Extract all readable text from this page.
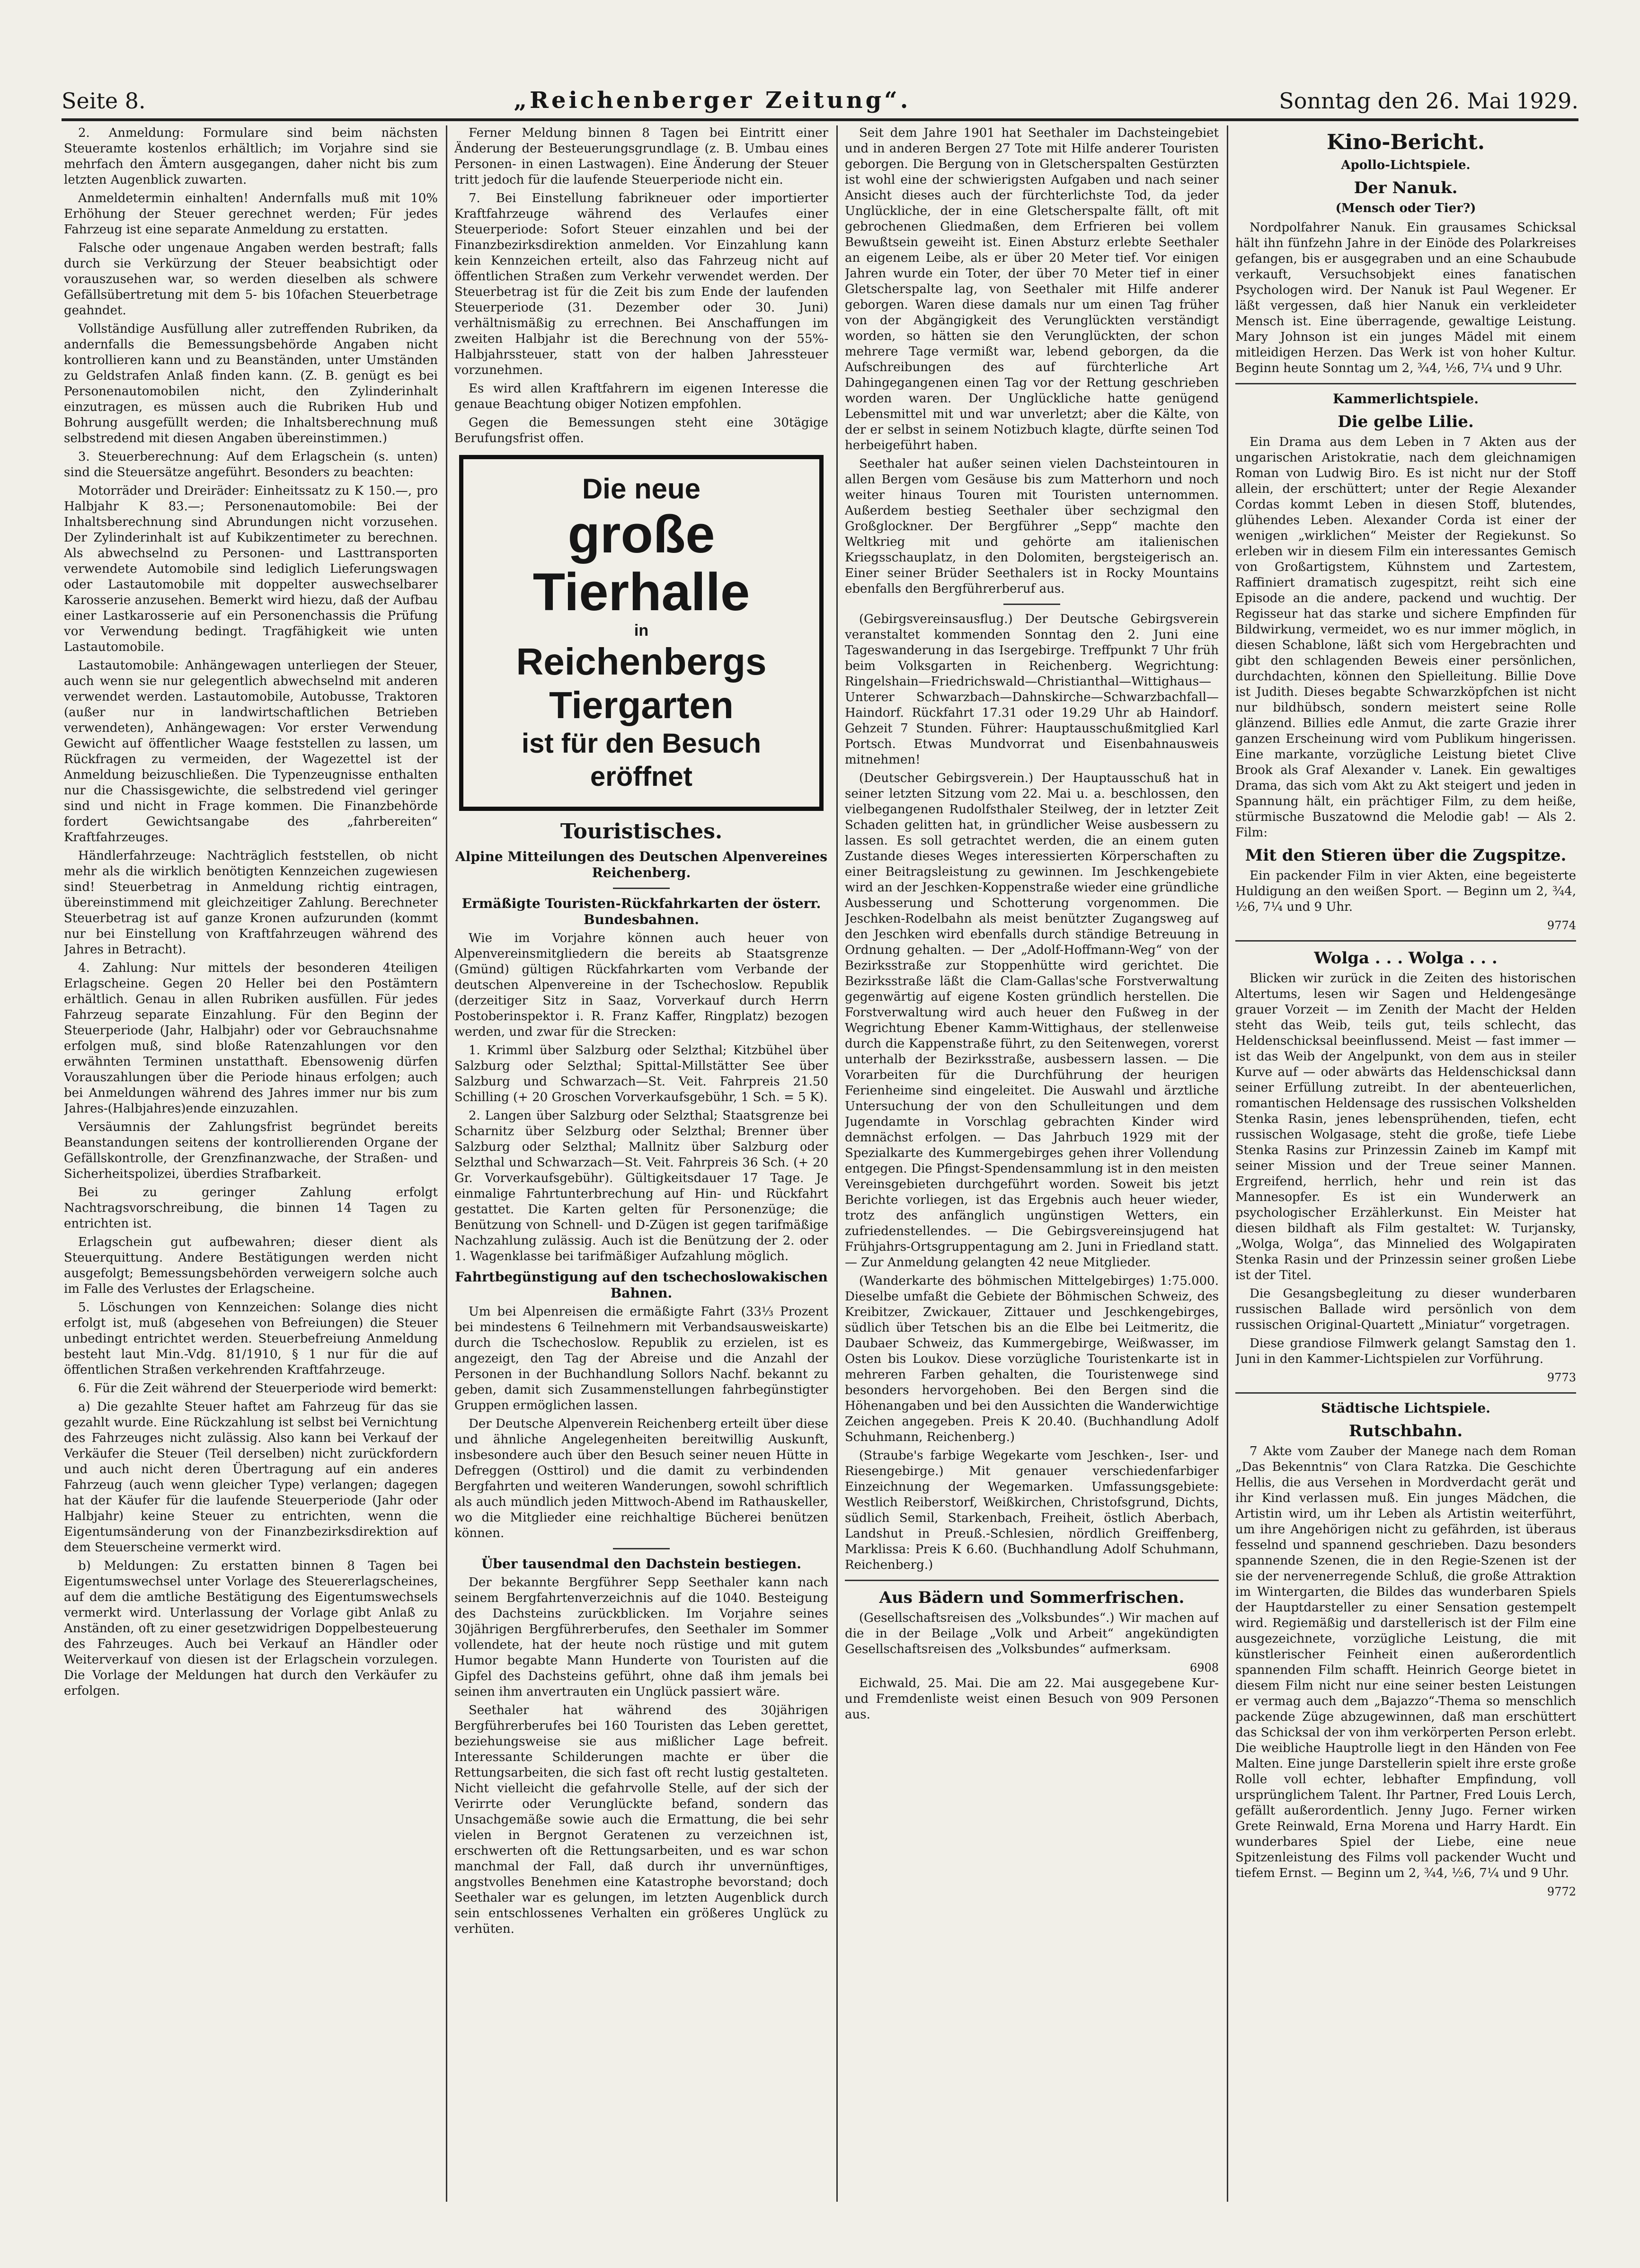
Seite 8.	„Reichenberger Zeitung“.	Sonntag den 26. Mai 1929.

2. Anmeldung: Formulare sind beim nächsten Steueramte kostenlos erhältlich; im Vorjahre sind sie mehrfach den Ämtern ausgegangen, daher nicht bis zum letzten Augenblick zuwarten.

Anmeldetermin einhalten! Andernfalls muß mit 10% Erhöhung der Steuer gerechnet werden; Für jedes Fahrzeug ist eine separate Anmeldung zu erstatten.

Falsche oder ungenaue Angaben werden bestraft; falls durch sie Verkürzung der Steuer beabsichtigt oder vorauszusehen war, so werden dieselben als schwere Gefällsübertretung mit dem 5- bis 10fachen Steuerbetrage geahndet.

Vollständige Ausfüllung aller zutreffenden Rubriken, da andernfalls die Bemessungsbehörde Angaben nicht kontrollieren kann und zu Beanständen, unter Umständen zu Geldstrafen Anlaß finden kann. (Z. B. genügt es bei Personenautomobilen nicht, den Zylinderinhalt einzutragen, es müssen auch die Rubriken Hub und Bohrung ausgefüllt werden; die Inhaltsberechnung muß selbstredend mit diesen Angaben übereinstimmen.)

3. Steuerberechnung: Auf dem Erlagschein (s. unten) sind die Steuersätze angeführt. Besonders zu beachten:

Motorräder und Dreiräder: Einheitssatz zu K 150.—, pro Halbjahr K 83.—; Personenautomobile: Bei der Inhaltsberechnung sind Abrundungen nicht vorzusehen. Der Zylinderinhalt ist auf Kubikzentimeter zu berechnen. Als abwechselnd zu Personen- und Lasttransporten verwendete Automobile sind lediglich Lieferungswagen oder Lastautomobile mit doppelter auswechselbarer Karosserie anzusehen. Bemerkt wird hiezu, daß der Aufbau einer Lastkarosserie auf ein Personenchassis die Prüfung vor Verwendung bedingt. Tragfähigkeit wie unten Lastautomobile.

Lastautomobile: Anhängewagen unterliegen der Steuer, auch wenn sie nur gelegentlich abwechselnd mit anderen verwendet werden. Lastautomobile, Autobusse, Traktoren (außer nur in landwirtschaftlichen Betrieben verwendeten), Anhängewagen: Vor erster Verwendung Gewicht auf öffentlicher Waage feststellen zu lassen, um Rückfragen zu vermeiden, der Wagezettel ist der Anmeldung beizuschließen. Die Typenzeugnisse enthalten nur die Chassisgewichte, die selbstredend viel geringer sind und nicht in Frage kommen. Die Finanzbehörde fordert Gewichtsangabe des „fahrbereiten“ Kraftfahrzeuges.

Händlerfahrzeuge: Nachträglich feststellen, ob nicht mehr als die wirklich benötigten Kennzeichen zugewiesen sind! Steuerbetrag in Anmeldung richtig eintragen, übereinstimmend mit gleichzeitiger Zahlung. Berechneter Steuerbetrag ist auf ganze Kronen aufzurunden (kommt nur bei Einstellung von Kraftfahrzeugen während des Jahres in Betracht).

4. Zahlung: Nur mittels der besonderen 4teiligen Erlagscheine. Gegen 20 Heller bei den Postämtern erhältlich. Genau in allen Rubriken ausfüllen. Für jedes Fahrzeug separate Einzahlung. Für den Beginn der Steuerperiode (Jahr, Halbjahr) oder vor Gebrauchsnahme erfolgen muß, sind bloße Ratenzahlungen vor den erwähnten Terminen unstatthaft. Ebensowenig dürfen Vorauszahlungen über die Periode hinaus erfolgen; auch bei Anmeldungen während des Jahres immer nur bis zum Jahres-(Halbjahres)ende einzuzahlen.

Versäumnis der Zahlungsfrist begründet bereits Beanstandungen seitens der kontrollierenden Organe der Gefällskontrolle, der Grenzfinanzwache, der Straßen- und Sicherheitspolizei, überdies Strafbarkeit.

Bei zu geringer Zahlung erfolgt Nachtragsvorschreibung, die binnen 14 Tagen zu entrichten ist.

Erlagschein gut aufbewahren; dieser dient als Steuerquittung. Andere Bestätigungen werden nicht ausgefolgt; Bemessungsbehörden verweigern solche auch im Falle des Verlustes der Erlagscheine.

5. Löschungen von Kennzeichen: Solange dies nicht erfolgt ist, muß (abgesehen von Befreiungen) die Steuer unbedingt entrichtet werden. Steuerbefreiung Anmeldung besteht laut Min.-Vdg. 81/1910, § 1 nur für die auf öffentlichen Straßen verkehrenden Kraftfahrzeuge.

6. Für die Zeit während der Steuerperiode wird bemerkt:

a) Die gezahlte Steuer haftet am Fahrzeug für das sie gezahlt wurde. Eine Rückzahlung ist selbst bei Vernichtung des Fahrzeuges nicht zulässig. Also kann bei Verkauf der Verkäufer die Steuer (Teil derselben) nicht zurückfordern und auch nicht deren Übertragung auf ein anderes Fahrzeug (auch wenn gleicher Type) verlangen; dagegen hat der Käufer für die laufende Steuerperiode (Jahr oder Halbjahr) keine Steuer zu entrichten, wenn die Eigentumsänderung von der Finanzbezirksdirektion auf dem Steuerscheine vermerkt wird.

b) Meldungen: Zu erstatten binnen 8 Tagen bei Eigentumswechsel unter Vorlage des Steuererlagscheines, auf dem die amtliche Bestätigung des Eigentumswechsels vermerkt wird. Unterlassung der Vorlage gibt Anlaß zu Anständen, oft zu einer gesetzwidrigen Doppelbesteuerung des Fahrzeuges. Auch bei Verkauf an Händler oder Weiterverkauf von diesen ist der Erlagschein vorzulegen. Die Vorlage der Meldungen hat durch den Verkäufer zu erfolgen.

Ferner Meldung binnen 8 Tagen bei Eintritt einer Änderung der Besteuerungsgrundlage (z. B. Umbau eines Personen- in einen Lastwagen). Eine Änderung der Steuer tritt jedoch für die laufende Steuerperiode nicht ein.

7. Bei Einstellung fabrikneuer oder importierter Kraftfahrzeuge während des Verlaufes einer Steuerperiode: Sofort Steuer einzahlen und bei der Finanzbezirksdirektion anmelden. Vor Einzahlung kann kein Kennzeichen erteilt, also das Fahrzeug nicht auf öffentlichen Straßen zum Verkehr verwendet werden. Der Steuerbetrag ist für die Zeit bis zum Ende der laufenden Steuerperiode (31. Dezember oder 30. Juni) verhältnismäßig zu errechnen. Bei Anschaffungen im zweiten Halbjahr ist die Berechnung von der 55%-Halbjahrssteuer, statt von der halben Jahressteuer vorzunehmen.

Es wird allen Kraftfahrern im eigenen Interesse die genaue Beachtung obiger Notizen empfohlen.

Gegen die Bemessungen steht eine 30tägige Berufungsfrist offen.

Die neue
große Tierhalle
in
Reichenbergs Tiergarten
ist für den Besuch eröffnet
Touristisches.
Alpine Mitteilungen des Deutschen Alpenvereines Reichenberg.
Ermäßigte Touristen-Rückfahrkarten der österr. Bundesbahnen.

Wie im Vorjahre können auch heuer von Alpenvereinsmitgliedern die bereits ab Staatsgrenze (Gmünd) gültigen Rückfahrkarten vom Verbande der deutschen Alpenvereine in der Tschechoslow. Republik (derzeitiger Sitz in Saaz, Vorverkauf durch Herrn Postoberinspektor i. R. Franz Kaffer, Ringplatz) bezogen werden, und zwar für die Strecken:

1. Krimml über Salzburg oder Selzthal; Kitzbühel über Salzburg oder Selzthal; Spittal-Millstätter See über Salzburg und Schwarzach—St. Veit. Fahrpreis 21.50 Schilling (+ 20 Groschen Vorverkaufsgebühr, 1 Sch. = 5 K).

2. Langen über Salzburg oder Selzthal; Staatsgrenze bei Scharnitz über Selzburg oder Selzthal; Brenner über Salzburg oder Selzthal; Mallnitz über Salzburg oder Selzthal und Schwarzach—St. Veit. Fahrpreis 36 Sch. (+ 20 Gr. Vorverkaufsgebühr). Gültigkeitsdauer 17 Tage. Je einmalige Fahrtunterbrechung auf Hin- und Rückfahrt gestattet. Die Karten gelten für Personenzüge; die Benützung von Schnell- und D-Zügen ist gegen tarifmäßige Nachzahlung zulässig. Auch ist die Benützung der 2. oder 1. Wagenklasse bei tarifmäßiger Aufzahlung möglich.

Fahrtbegünstigung auf den tschechoslowakischen Bahnen.

Um bei Alpenreisen die ermäßigte Fahrt (33⅓ Prozent bei mindestens 6 Teilnehmern mit Verbandsausweiskarte) durch die Tschechoslow. Republik zu erzielen, ist es angezeigt, den Tag der Abreise und die Anzahl der Personen in der Buchhandlung Sollors Nachf. bekannt zu geben, damit sich Zusammenstellungen fahrbegünstigter Gruppen ermöglichen lassen.

Der Deutsche Alpenverein Reichenberg erteilt über diese und ähnliche Angelegenheiten bereitwillig Auskunft, insbesondere auch über den Besuch seiner neuen Hütte in Defreggen (Osttirol) und die damit zu verbindenden Bergfahrten und weiteren Wanderungen, sowohl schriftlich als auch mündlich jeden Mittwoch-Abend im Rathauskeller, wo die Mitglieder eine reichhaltige Bücherei benützen können.

Über tausendmal den Dachstein bestiegen.

Der bekannte Bergführer Sepp Seethaler kann nach seinem Bergfahrtenverzeichnis auf die 1040. Besteigung des Dachsteins zurückblicken. Im Vorjahre seines 30jährigen Bergführerberufes, den Seethaler im Sommer vollendete, hat der heute noch rüstige und mit gutem Humor begabte Mann Hunderte von Touristen auf die Gipfel des Dachsteins geführt, ohne daß ihm jemals bei seinen ihm anvertrauten ein Unglück passiert wäre.

Seethaler hat während des 30jährigen Bergführerberufes bei 160 Touristen das Leben gerettet, beziehungsweise sie aus mißlicher Lage befreit. Interessante Schilderungen machte er über die Rettungsarbeiten, die sich fast oft recht lustig gestalteten. Nicht vielleicht die gefahrvolle Stelle, auf der sich der Verirrte oder Verunglückte befand, sondern das Unsachgemäße sowie auch die Ermattung, die bei sehr vielen in Bergnot Geratenen zu verzeichnen ist, erschwerten oft die Rettungsarbeiten, und es war schon manchmal der Fall, daß durch ihr unvernünftiges, angstvolles Benehmen eine Katastrophe bevorstand; doch Seethaler war es gelungen, im letzten Augenblick durch sein entschlossenes Verhalten ein größeres Unglück zu verhüten.

Seit dem Jahre 1901 hat Seethaler im Dachsteingebiet und in anderen Bergen 27 Tote mit Hilfe anderer Touristen geborgen. Die Bergung von in Gletscherspalten Gestürzten ist wohl eine der schwierigsten Aufgaben und nach seiner Ansicht dieses auch der fürchterlichste Tod, da jeder Unglückliche, der in eine Gletscherspalte fällt, oft mit gebrochenen Gliedmaßen, dem Erfrieren bei vollem Bewußtsein geweiht ist. Einen Absturz erlebte Seethaler an eigenem Leibe, als er über 20 Meter tief. Vor einigen Jahren wurde ein Toter, der über 70 Meter tief in einer Gletscherspalte lag, von Seethaler mit Hilfe anderer geborgen. Waren diese damals nur um einen Tag früher von der Abgängigkeit des Verunglückten verständigt worden, so hätten sie den Verunglückten, der schon mehrere Tage vermißt war, lebend geborgen, da die Aufschreibungen des auf fürchterliche Art Dahingegangenen einen Tag vor der Rettung geschrieben worden waren. Der Unglückliche hatte genügend Lebensmittel mit und war unverletzt; aber die Kälte, von der er selbst in seinem Notizbuch klagte, dürfte seinen Tod herbeigeführt haben.

Seethaler hat außer seinen vielen Dachsteintouren in allen Bergen vom Gesäuse bis zum Matterhorn und noch weiter hinaus Touren mit Touristen unternommen. Außerdem bestieg Seethaler über sechzigmal den Großglockner. Der Bergführer „Sepp“ machte den Weltkrieg mit und gehörte am italienischen Kriegsschauplatz, in den Dolomiten, bergsteigerisch an. Einer seiner Brüder Seethalers ist in Rocky Mountains ebenfalls den Bergführerberuf aus.

(Gebirgsvereinsausflug.) Der Deutsche Gebirgsverein veranstaltet kommenden Sonntag den 2. Juni eine Tageswanderung in das Isergebirge. Treffpunkt 7 Uhr früh beim Volksgarten in Reichenberg. Wegrichtung: Ringelshain—Friedrichswald—Christianthal—Wittighaus—Unterer Schwarzbach—Dahnskirche—Schwarzbachfall—Haindorf. Rückfahrt 17.31 oder 19.29 Uhr ab Haindorf. Gehzeit 7 Stunden. Führer: Hauptausschußmitglied Karl Portsch. Etwas Mundvorrat und Eisenbahnausweis mitnehmen!

(Deutscher Gebirgsverein.) Der Hauptausschuß hat in seiner letzten Sitzung vom 22. Mai u. a. beschlossen, den vielbegangenen Rudolfsthaler Steilweg, der in letzter Zeit Schaden gelitten hat, in gründlicher Weise ausbessern zu lassen. Es soll getrachtet werden, die an einem guten Zustande dieses Weges interessierten Körperschaften zu einer Beitragsleistung zu gewinnen. Im Jeschkengebiete wird an der Jeschken-Koppenstraße wieder eine gründliche Ausbesserung und Schotterung vorgenommen. Die Jeschken-Rodelbahn als meist benützter Zugangsweg auf den Jeschken wird ebenfalls durch ständige Betreuung in Ordnung gehalten. — Der „Adolf-Hoffmann-Weg“ von der Bezirksstraße zur Stoppenhütte wird gerichtet. Die Bezirksstraße läßt die Clam-Gallas'sche Forstverwaltung gegenwärtig auf eigene Kosten gründlich herstellen. Die Forstverwaltung wird auch heuer den Fußweg in der Wegrichtung Ebener Kamm-Wittighaus, der stellenweise durch die Kappenstraße führt, zu den Seitenwegen, vorerst unterhalb der Bezirksstraße, ausbessern lassen. — Die Vorarbeiten für die Durchführung der heurigen Ferienheime sind eingeleitet. Die Auswahl und ärztliche Untersuchung der von den Schulleitungen und dem Jugendamte in Vorschlag gebrachten Kinder wird demnächst erfolgen. — Das Jahrbuch 1929 mit der Spezialkarte des Kummergebirges gehen ihrer Vollendung entgegen. Die Pfingst-Spendensammlung ist in den meisten Vereinsgebieten durchgeführt worden. Soweit bis jetzt Berichte vorliegen, ist das Ergebnis auch heuer wieder, trotz des anfänglich ungünstigen Wetters, ein zufriedenstellendes. — Die Gebirgsvereinsjugend hat Frühjahrs-Ortsgruppentagung am 2. Juni in Friedland statt. — Zur Anmeldung gelangten 42 neue Mitglieder.

(Wanderkarte des böhmischen Mittelgebirges) 1:75.000. Dieselbe umfaßt die Gebiete der Böhmischen Schweiz, des Kreibitzer, Zwickauer, Zittauer und Jeschkengebirges, südlich über Tetschen bis an die Elbe bei Leitmeritz, die Daubaer Schweiz, das Kummergebirge, Weißwasser, im Osten bis Loukov. Diese vorzügliche Touristenkarte ist in mehreren Farben gehalten, die Touristenwege sind besonders hervorgehoben. Bei den Bergen sind die Höhenangaben und bei den Aussichten die Wanderwichtige Zeichen angegeben. Preis K 20.40. (Buchhandlung Adolf Schuhmann, Reichenberg.)

(Straube's farbige Wegekarte vom Jeschken-, Iser- und Riesengebirge.) Mit genauer verschiedenfarbiger Einzeichnung der Wegemarken. Umfassungsgebiete: Westlich Reiberstorf, Weißkirchen, Christofsgrund, Dichts, südlich Semil, Starkenbach, Freiheit, östlich Aberbach, Landshut in Preuß.-Schlesien, nördlich Greiffenberg, Marklissa: Preis K 6.60. (Buchhandlung Adolf Schuhmann, Reichenberg.)

Aus Bädern und Sommerfrischen.

(Gesellschaftsreisen des „Volksbundes“.) Wir machen auf die in der Beilage „Volk und Arbeit“ angekündigten Gesellschaftsreisen des „Volksbundes“ aufmerksam.

6908

Eichwald, 25. Mai. Die am 22. Mai ausgegebene Kur- und Fremdenliste weist einen Besuch von 909 Personen aus.

Kino-Bericht.
Apollo-Lichtspiele.
Der Nanuk.
(Mensch oder Tier?)

Nordpolfahrer Nanuk. Ein grausames Schicksal hält ihn fünfzehn Jahre in der Einöde des Polarkreises gefangen, bis er ausgegraben und an eine Schaubude verkauft, Versuchsobjekt eines fanatischen Psychologen wird. Der Nanuk ist Paul Wegener. Er läßt vergessen, daß hier Nanuk ein verkleideter Mensch ist. Eine überragende, gewaltige Leistung. Mary Johnson ist ein junges Mädel mit einem mitleidigen Herzen. Das Werk ist von hoher Kultur. Beginn heute Sonntag um 2, ¾4, ½6, 7¼ und 9 Uhr.

Kammerlichtspiele.
Die gelbe Lilie.

Ein Drama aus dem Leben in 7 Akten aus der ungarischen Aristokratie, nach dem gleichnamigen Roman von Ludwig Biro. Es ist nicht nur der Stoff allein, der erschüttert; unter der Regie Alexander Cordas kommt Leben in diesen Stoff, blutendes, glühendes Leben. Alexander Corda ist einer der wenigen „wirklichen“ Meister der Regiekunst. So erleben wir in diesem Film ein interessantes Gemisch von Großartigstem, Kühnstem und Zartestem, Raffiniert dramatisch zugespitzt, reiht sich eine Episode an die andere, packend und wuchtig. Der Regisseur hat das starke und sichere Empfinden für Bildwirkung, vermeidet, wo es nur immer möglich, in diesen Schablone, läßt sich vom Hergebrachten und gibt den schlagenden Beweis einer persönlichen, durchdachten, können den Spielleitung. Billie Dove ist Judith. Dieses begabte Schwarzköpfchen ist nicht nur bildhübsch, sondern meistert seine Rolle glänzend. Billies edle Anmut, die zarte Grazie ihrer ganzen Erscheinung wird vom Publikum hingerissen. Eine markante, vorzügliche Leistung bietet Clive Brook als Graf Alexander v. Lanek. Ein gewaltiges Drama, das sich vom Akt zu Akt steigert und jeden in Spannung hält, ein prächtiger Film, zu dem heiße, stürmische Buszatownd die Melodie gab! — Als 2. Film:

Mit den Stieren über die Zugspitze.

Ein packender Film in vier Akten, eine begeisterte Huldigung an den weißen Sport. — Beginn um 2, ¾4, ½6, 7¼ und 9 Uhr.

9774
Wolga . . . Wolga . . .

Blicken wir zurück in die Zeiten des historischen Altertums, lesen wir Sagen und Heldengesänge grauer Vorzeit — im Zenith der Macht der Helden steht das Weib, teils gut, teils schlecht, das Heldenschicksal beeinflussend. Meist — fast immer — ist das Weib der Angelpunkt, von dem aus in steiler Kurve auf — oder abwärts das Heldenschicksal dann seiner Erfüllung zutreibt. In der abenteuerlichen, romantischen Heldensage des russischen Volkshelden Stenka Rasin, jenes lebensprühenden, tiefen, echt russischen Wolgasage, steht die große, tiefe Liebe Stenka Rasins zur Prinzessin Zaineb im Kampf mit seiner Mission und der Treue seiner Mannen. Ergreifend, herrlich, hehr und rein ist das Mannesopfer. Es ist ein Wunderwerk an psychologischer Erzählerkunst. Ein Meister hat diesen bildhaft als Film gestaltet: W. Turjansky, „Wolga, Wolga“, das Minnelied des Wolgapiraten Stenka Rasin und der Prinzessin seiner großen Liebe ist der Titel.

Die Gesangsbegleitung zu dieser wunderbaren russischen Ballade wird persönlich von dem russischen Original-Quartett „Miniatur“ vorgetragen.

Diese grandiose Filmwerk gelangt Samstag den 1. Juni in den Kammer-Lichtspielen zur Vorführung.

9773
Städtische Lichtspiele.
Rutschbahn.

7 Akte vom Zauber der Manege nach dem Roman „Das Bekenntnis“ von Clara Ratzka. Die Geschichte Hellis, die aus Versehen in Mordverdacht gerät und ihr Kind verlassen muß. Ein junges Mädchen, die Artistin wird, um ihr Leben als Artistin weiterführt, um ihre Angehörigen nicht zu gefährden, ist überaus fesselnd und spannend geschrieben. Dazu besonders spannende Szenen, die in den Regie-Szenen ist der sie der nervenerregende Schluß, die große Attraktion im Wintergarten, die Bildes das wunderbaren Spiels der Hauptdarsteller zu einer Sensation gestempelt wird. Regiemäßig und darstellerisch ist der Film eine ausgezeichnete, vorzügliche Leistung, die mit künstlerischer Feinheit einen außerordentlich spannenden Film schafft. Heinrich George bietet in diesem Film nicht nur eine seiner besten Leistungen er vermag auch dem „Bajazzo“-Thema so menschlich packende Züge abzugewinnen, daß man erschüttert das Schicksal der von ihm verkörperten Person erlebt. Die weibliche Hauptrolle liegt in den Händen von Fee Malten. Eine junge Darstellerin spielt ihre erste große Rolle voll echter, lebhafter Empfindung, voll ursprünglichem Talent. Ihr Partner, Fred Louis Lerch, gefällt außerordentlich. Jenny Jugo. Ferner wirken Grete Reinwald, Erna Morena und Harry Hardt. Ein wunderbares Spiel der Liebe, eine neue Spitzenleistung des Films voll packender Wucht und tiefem Ernst. — Beginn um 2, ¾4, ½6, 7¼ und 9 Uhr.

9772
